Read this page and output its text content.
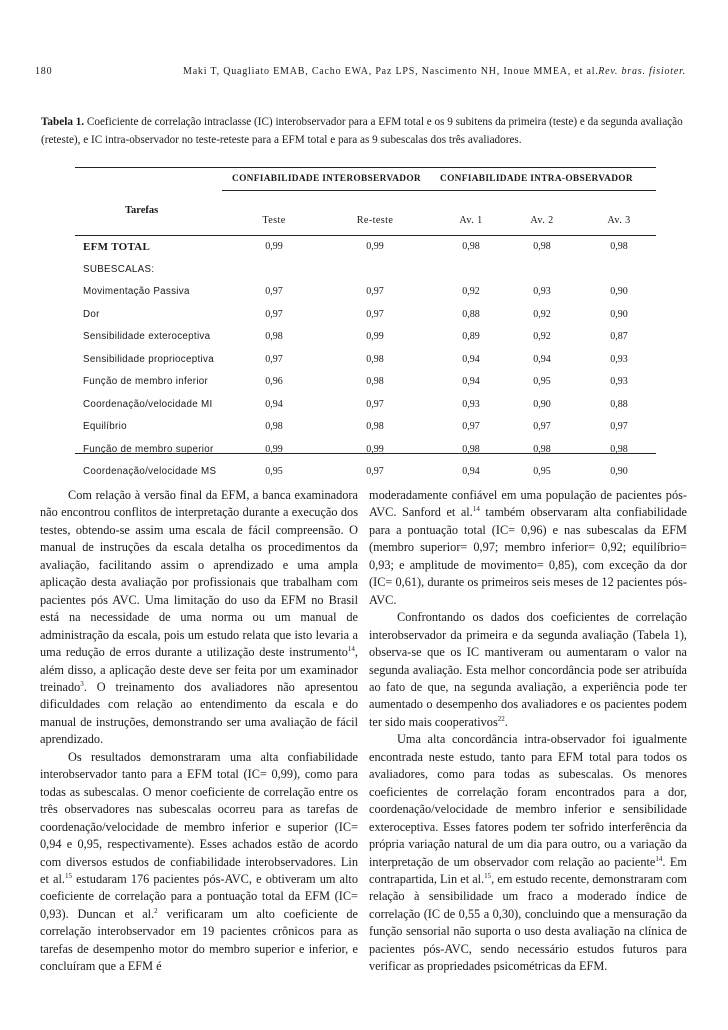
180	Maki T, Quagliato EMAB, Cacho EWA, Paz LPS, Nascimento NH, Inoue MMEA, et al. Rev. bras. fisioter.
Tabela 1. Coeficiente de correlação intraclasse (IC) interobservador para a EFM total e os 9 subitens da primeira (teste) e da segunda avaliação (reteste), e IC intra-observador no teste-reteste para a EFM total e para as 9 subescalas dos três avaliadores.
CONFIABILIDADE INTEROBSERVADOR CONFIABILIDADE INTRA-OBSERVADOR
Tarefas
Teste	Re-teste	Av. 1	Av. 2	Av. 3
EFM TOTAL	0,99	0,99	0,98	0,98	0,98
SUBESCALAS:
Movimentação Passiva	0,97	0,97	0,92	0,93	0,90
Dor	0,97	0,97	0,88	0,92	0,90
Sensibilidade exteroceptiva	0,98	0,99	0,89	0,92	0,87
Sensibilidade proprioceptiva	0,97	0,98	0,94	0,94	0,93
Função de membro inferior	0,96	0,98	0,94	0,95	0,93
Coordenação/velocidade MI	0,94	0,97	0,93	0,90	0,88
Equilíbrio	0,98	0,98	0,97	0,97	0,97
Função de membro superior	0,99	0,99	0,98	0,98	0,98
Coordenação/velocidade MS	0,95	0,97	0,94	0,95	0,90

Com relação à versão final da EFM, a banca examinadora não encontrou conflitos de interpretação durante a execução dos testes, obtendo-se assim uma escala de fácil compreensão. O manual de instruções da escala detalha os procedimentos da avaliação, facilitando assim o aprendizado e uma ampla aplicação desta avaliação por profissionais que trabalham com pacientes pós AVC. Uma limitação do uso da EFM no Brasil está na necessidade de uma norma ou um manual de administração da escala, pois um estudo relata que isto levaria a uma redução de erros durante a utilização deste instrumento$^{14}$, além disso, a aplicação deste deve ser feita por um examinador treinado$^3$. O treinamento dos avaliadores não apresentou dificuldades com relação ao entendimento da escala e do manual de instruções, demonstrando ser uma avaliação de fácil aprendizado.

Os resultados demonstraram uma alta confiabilidade interobservador tanto para a EFM total (IC= 0,99), como para todas as subescalas. O menor coeficiente de correlação entre os três observadores nas subescalas ocorreu para as tarefas de coordenação/velocidade de membro inferior e superior (IC= 0,94 e 0,95, respectivamente). Esses achados estão de acordo com diversos estudos de confiabilidade interobservadores. Lin et al.$^{15}$ estudaram 176 pacientes pós-AVC, e obtiveram um alto coeficiente de correlação para a pontuação total da EFM (IC= 0,93). Duncan et al.$^2$ verificaram um alto coeficiente de correlação interobservador em 19 pacientes crônicos para as tarefas de desempenho motor do membro superior e inferior, e concluíram que a EFM é

moderadamente confiável em uma população de pacientes pós-AVC. Sanford et al.$^{14}$ também observaram alta confiabilidade para a pontuação total (IC= 0,96) e nas subescalas da EFM (membro superior= 0,97; membro inferior= 0,92; equilíbrio= 0,93; e amplitude de movimento= 0,85), com exceção da dor (IC= 0,61), durante os primeiros seis meses de 12 pacientes pós-AVC.

Confrontando os dados dos coeficientes de correlação interobservador da primeira e da segunda avaliação (Tabela 1), observa-se que os IC mantiveram ou aumentaram o valor na segunda avaliação. Esta melhor concordância pode ser atribuída ao fato de que, na segunda avaliação, a experiência pode ter aumentado o desempenho dos avaliadores e os pacientes podem ter sido mais cooperativos$^{22}$.

Uma alta concordância intra-observador foi igualmente encontrada neste estudo, tanto para EFM total para todos os avaliadores, como para todas as subescalas. Os menores coeficientes de correlação foram encontrados para a dor, coordenação/velocidade de membro inferior e sensibilidade exteroceptiva. Esses fatores podem ter sofrido interferência da própria variação natural de um dia para outro, ou a variação da interpretação de um observador com relação ao paciente$^{14}$. Em contrapartida, Lin et al.$^{15}$, em estudo recente, demonstraram com relação à sensibilidade um fraco a moderado índice de correlação (IC de 0,55 a 0,30), concluindo que a mensuração da função sensorial não suporta o uso desta avaliação na clínica de pacientes pós-AVC, sendo necessário estudos futuros para verificar as propriedades psicométricas da EFM.
